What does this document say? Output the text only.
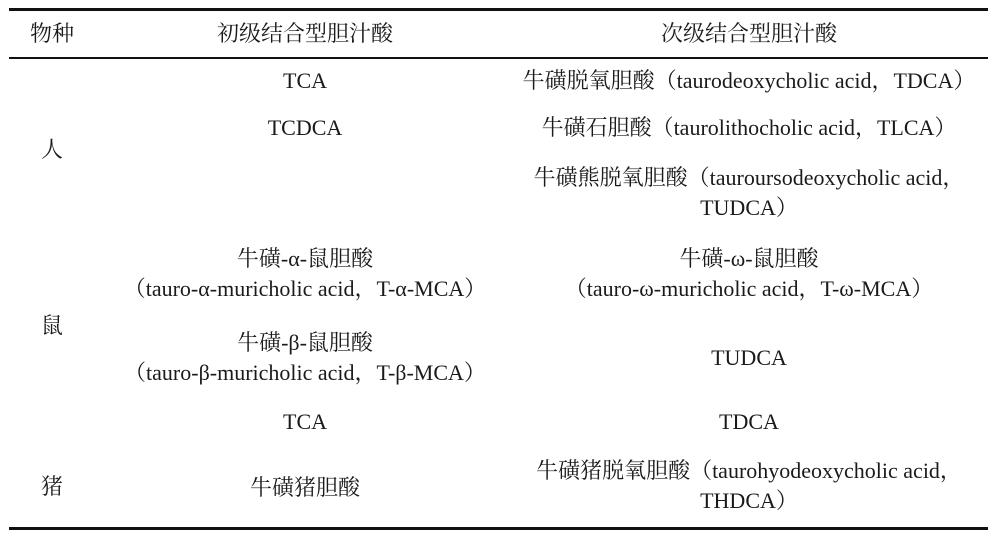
物种	初级结合型胆汁酸	次级结合型胆汁酸
人
TCA
TCDCA
牛磺脱氧胆酸（taurodeoxycholic acid，TDCA）
牛磺石胆酸（taurolithocholic acid，TLCA）
牛磺熊脱氧胆酸（tauroursodeoxycholic acid，
TUDCA）
鼠
牛磺-α-鼠胆酸
（tauro-α-muricholic acid，T-α-MCA）
牛磺-β-鼠胆酸
（tauro-β-muricholic acid，T-β-MCA）
牛磺-ω-鼠胆酸
（tauro-ω-muricholic acid，T-ω-MCA）
TUDCA
猪
TCA
牛磺猪胆酸
TDCA
牛磺猪脱氧胆酸（taurohyodeoxycholic acid，
THDCA）
